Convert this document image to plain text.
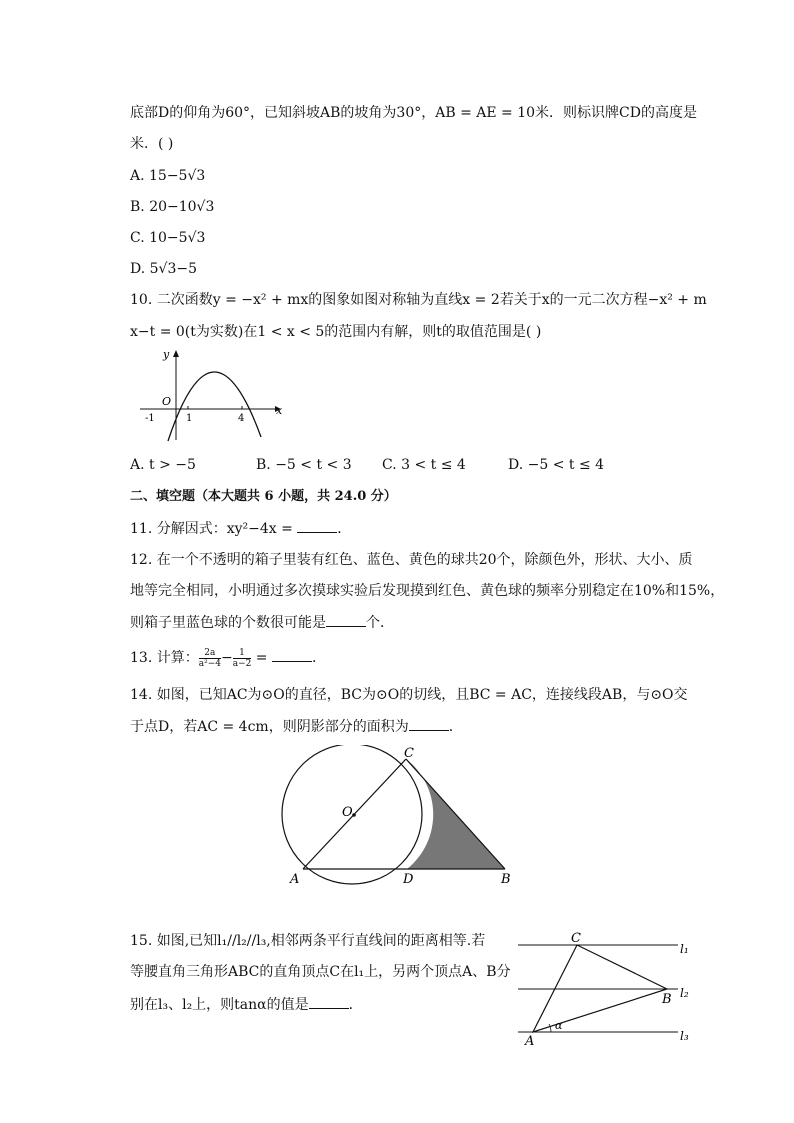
底部D的仰角为60°，已知斜坡AB的坡角为30°，AB = AE = 10米．则标识牌CD的高度是
米．( )
A. 15−5√3
B. 20−10√3
C. 10−5√3
D. 5√3−5
10. 二次函数y = −x² + mx的图象如图对称轴为直线x = 2若关于x的一元二次方程−x² + m
x−t = 0(t为实数)在1 < x < 5的范围内有解，则t的取值范围是( )
y
x
O
-1	1	4
A. t > −5	B. −5 < t < 3 C. 3 < t ≤ 4	D. −5 < t ≤ 4
二、填空题（本大题共 6 小题，共 24.0 分）
11. 分解因式：xy²−4x =	．
12. 在一个不透明的箱子里装有红色、蓝色、黄色的球共20个，除颜色外，形状、大小、质
地等完全相同，小明通过多次摸球实验后发现摸到红色、黄色球的频率分别稳定在10%和15%，
则箱子里蓝色球的个数很可能是	个．
13. 计算： $\frac{2a}{\text{a²−4}} - \frac{1}{a-2}$ =	．
14. 如图，已知AC为⊙O的直径，BC为⊙O的切线，且BC = AC，连接线段AB，与⊙O交
于点D，若AC = 4cm，则阴影部分的面积为	．
C
O
A	D	B
15. 如图,已知l₁//l₂//l₃,相邻两条平行直线间的距离相等.若
等腰直角三角形ABC的直角顶点C在l₁上，另两个顶点A、B分
别在l₃、l₂上，则tanα的值是	．
C
B
A
α
l₁
l₂
l₃
